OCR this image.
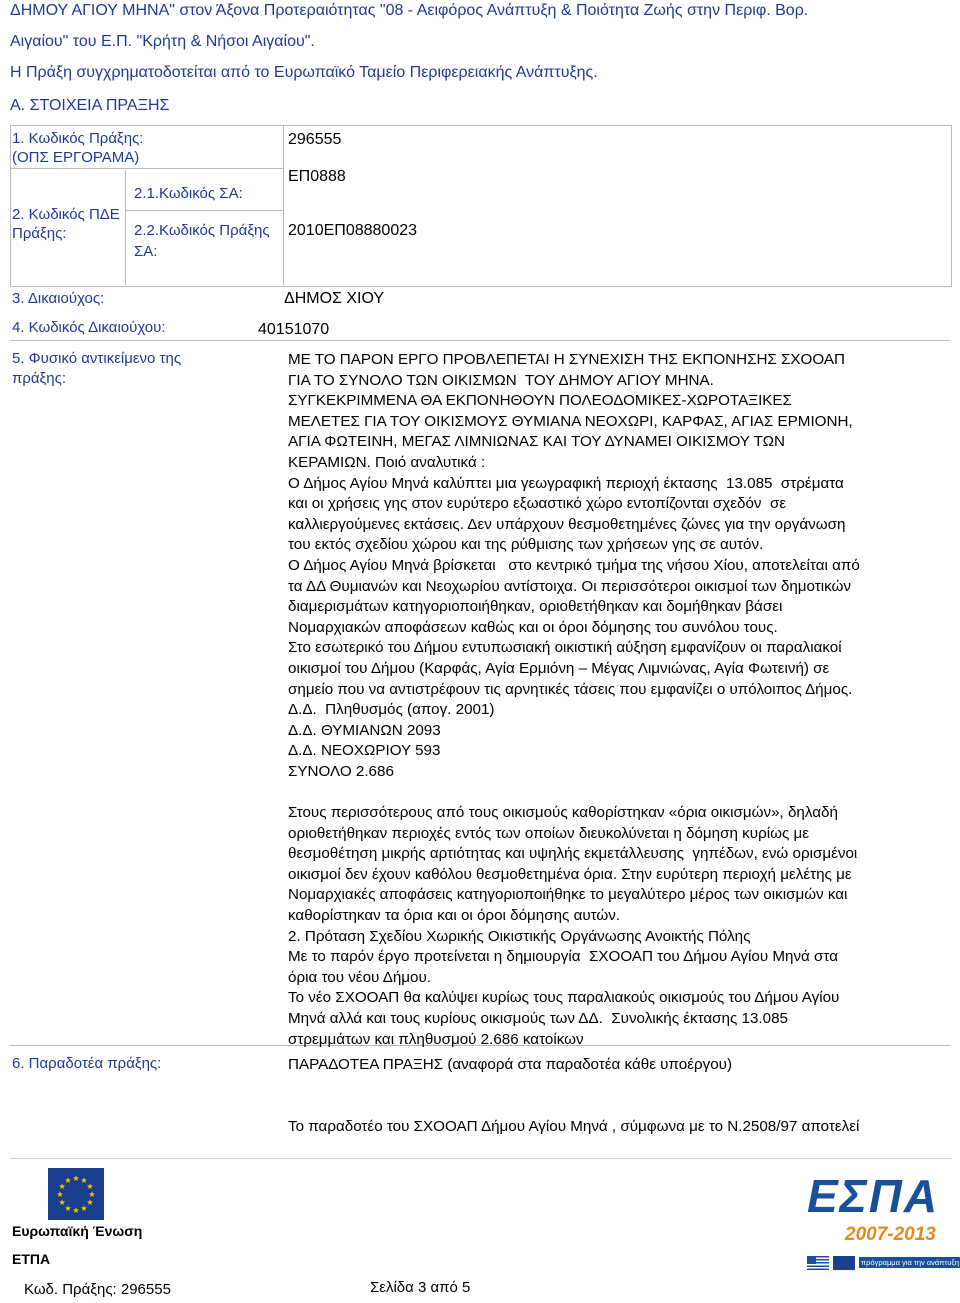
ΔΗΜΟΥ ΑΓΙΟΥ ΜΗΝΑ" στον Άξονα Προτεραιότητας "08 - Αειφόρος Ανάπτυξη & Ποιότητα Ζωής στην Περιφ. Βορ.
Αιγαίου" του Ε.Π. "Κρήτη & Νήσοι Αιγαίου".
Η Πράξη συγχρηματοδοτείται από το Ευρωπαϊκό Ταμείο Περιφερειακής Ανάπτυξης.
Α. ΣΤΟΙΧΕΙΑ ΠΡΑΞΗΣ
1. Κωδικός Πράξης:
(ΟΠΣ ΕΡΓΟΡΑΜΑ)
296555
2. Κωδικός ΠΔΕ
Πράξης:
2.1.Κωδικός ΣΑ:
ΕΠ0888
2.2.Κωδικός Πράξης
ΣΑ:
2010ΕΠ08880023
3. Δικαιούχος:	ΔΗΜΟΣ ΧΙΟΥ
4. Κωδικός Δικαιούχου:	40151070
5. Φυσικό αντικείμενο της
πράξης:
ΜΕ ΤΟ ΠΑΡΟΝ ΕΡΓΟ ΠΡΟΒΛΕΠΕΤΑΙ Η ΣΥΝΕΧΙΣΗ ΤΗΣ ΕΚΠΟΝΗΣΗΣ ΣΧΟΟΑΠ
ΓΙΑ ΤΟ ΣΥΝΟΛΟ ΤΩΝ ΟΙΚΙΣΜΩΝ  ΤΟΥ ΔΗΜΟΥ ΑΓΙΟΥ ΜΗΝΑ.
ΣΥΓΚΕΚΡΙΜΜΕΝΑ ΘΑ ΕΚΠΟΝΗΘΟΥΝ ΠΟΛΕΟΔΟΜΙΚΕΣ-ΧΩΡΟΤΑΞΙΚΕΣ
ΜΕΛΕΤΕΣ ΓΙΑ ΤΟΥ ΟΙΚΙΣΜΟΥΣ ΘΥΜΙΑΝΑ ΝΕΟΧΩΡΙ, ΚΑΡΦΑΣ, ΑΓΙΑΣ ΕΡΜΙΟΝΗ,
ΑΓΙΑ ΦΩΤΕΙΝΗ, ΜΕΓΑΣ ΛΙΜΝΙΩΝΑΣ ΚΑΙ ΤΟΥ ΔΥΝΑΜΕΙ ΟΙΚΙΣΜΟΥ ΤΩΝ
ΚΕΡΑΜΙΩΝ. Ποιό αναλυτικά :
Ο Δήμος Αγίου Μηνά καλύπτει μια γεωγραφική περιοχή έκτασης  13.085  στρέματα
και οι χρήσεις γης στον ευρύτερο εξωαστικό χώρο εντοπίζονται σχεδόν  σε
καλλιεργούμενες εκτάσεις. Δεν υπάρχουν θεσμοθετημένες ζώνες για την οργάνωση
του εκτός σχεδίου χώρου και της ρύθμισης των χρήσεων γης σε αυτόν.
Ο Δήμος Αγίου Μηνά βρίσκεται   στο κεντρικό τμήμα της νήσου Χίου, αποτελείται από
τα ΔΔ Θυμιανών και Νεοχωρίου αντίστοιχα. Οι περισσότεροι οικισμοί των δημοτικών
διαμερισμάτων κατηγοριοποιήθηκαν, οριοθετήθηκαν και δομήθηκαν βάσει
Νομαρχιακών αποφάσεων καθώς και οι όροι δόμησης του συνόλου τους.
Στο εσωτερικό του Δήμου εντυπωσιακή οικιστική αύξηση εμφανίζουν οι παραλιακοί
οικισμοί του Δήμου (Καρφάς, Αγία Ερμιόνη – Μέγας Λιμνιώνας, Αγία Φωτεινή) σε
σημείο που να αντιστρέφουν τις αρνητικές τάσεις που εμφανίζει ο υπόλοιπος Δήμος.
Δ.Δ.  Πληθυσμός (απογ. 2001)
Δ.Δ. ΘΥΜΙΑΝΩΝ 2093
Δ.Δ. ΝΕΟΧΩΡΙΟΥ 593
ΣΥΝΟΛΟ 2.686
Στους περισσότερους από τους οικισμούς καθορίστηκαν «όρια οικισμών», δηλαδή
οριοθετήθηκαν περιοχές εντός των οποίων διευκολύνεται η δόμηση κυρίως με
θεσμοθέτηση μικρής αρτιότητας και υψηλής εκμετάλλευσης  γηπέδων, ενώ ορισμένοι
οικισμοί δεν έχουν καθόλου θεσμοθετημένα όρια. Στην ευρύτερη περιοχή μελέτης με
Νομαρχιακές αποφάσεις κατηγοριοποιήθηκε το μεγαλύτερο μέρος των οικισμών και
καθορίστηκαν τα όρια και οι όροι δόμησης αυτών.
2. Πρόταση Σχεδίου Χωρικής Οικιστικής Οργάνωσης Ανοικτής Πόλης
Με το παρόν έργο προτείνεται η δημιουργία  ΣΧΟΟΑΠ του Δήμου Αγίου Μηνά στα
όρια του νέου Δήμου.
Το νέο ΣΧΟΟΑΠ θα καλύψει κυρίως τους παραλιακούς οικισμούς του Δήμου Αγίου
Μηνά αλλά και τους κυρίους οικισμούς των ΔΔ.  Συνολικής έκτασης 13.085
στρεμμάτων και πληθυσμού 2.686 κατοίκων
6. Παραδοτέα πράξης:	ΠΑΡΑΔΟΤΕΑ ΠΡΑΞΗΣ (αναφορά στα παραδοτέα κάθε υποέργου)
Το παραδοτέο του ΣΧΟΟΑΠ Δήμου Αγίου Μηνά , σύμφωνα με το Ν.2508/97 αποτελεί
★
★
★
★
★
★
★
★
★ ★ ★
★
Ευρωπαϊκή Ένωση
ΕΤΠΑ
ΕΣΠΑ
2007-2013
πρόγραμμα για την ανάπτυξη
Κωδ. Πράξης: 296555	Σελίδα 3 από 5
